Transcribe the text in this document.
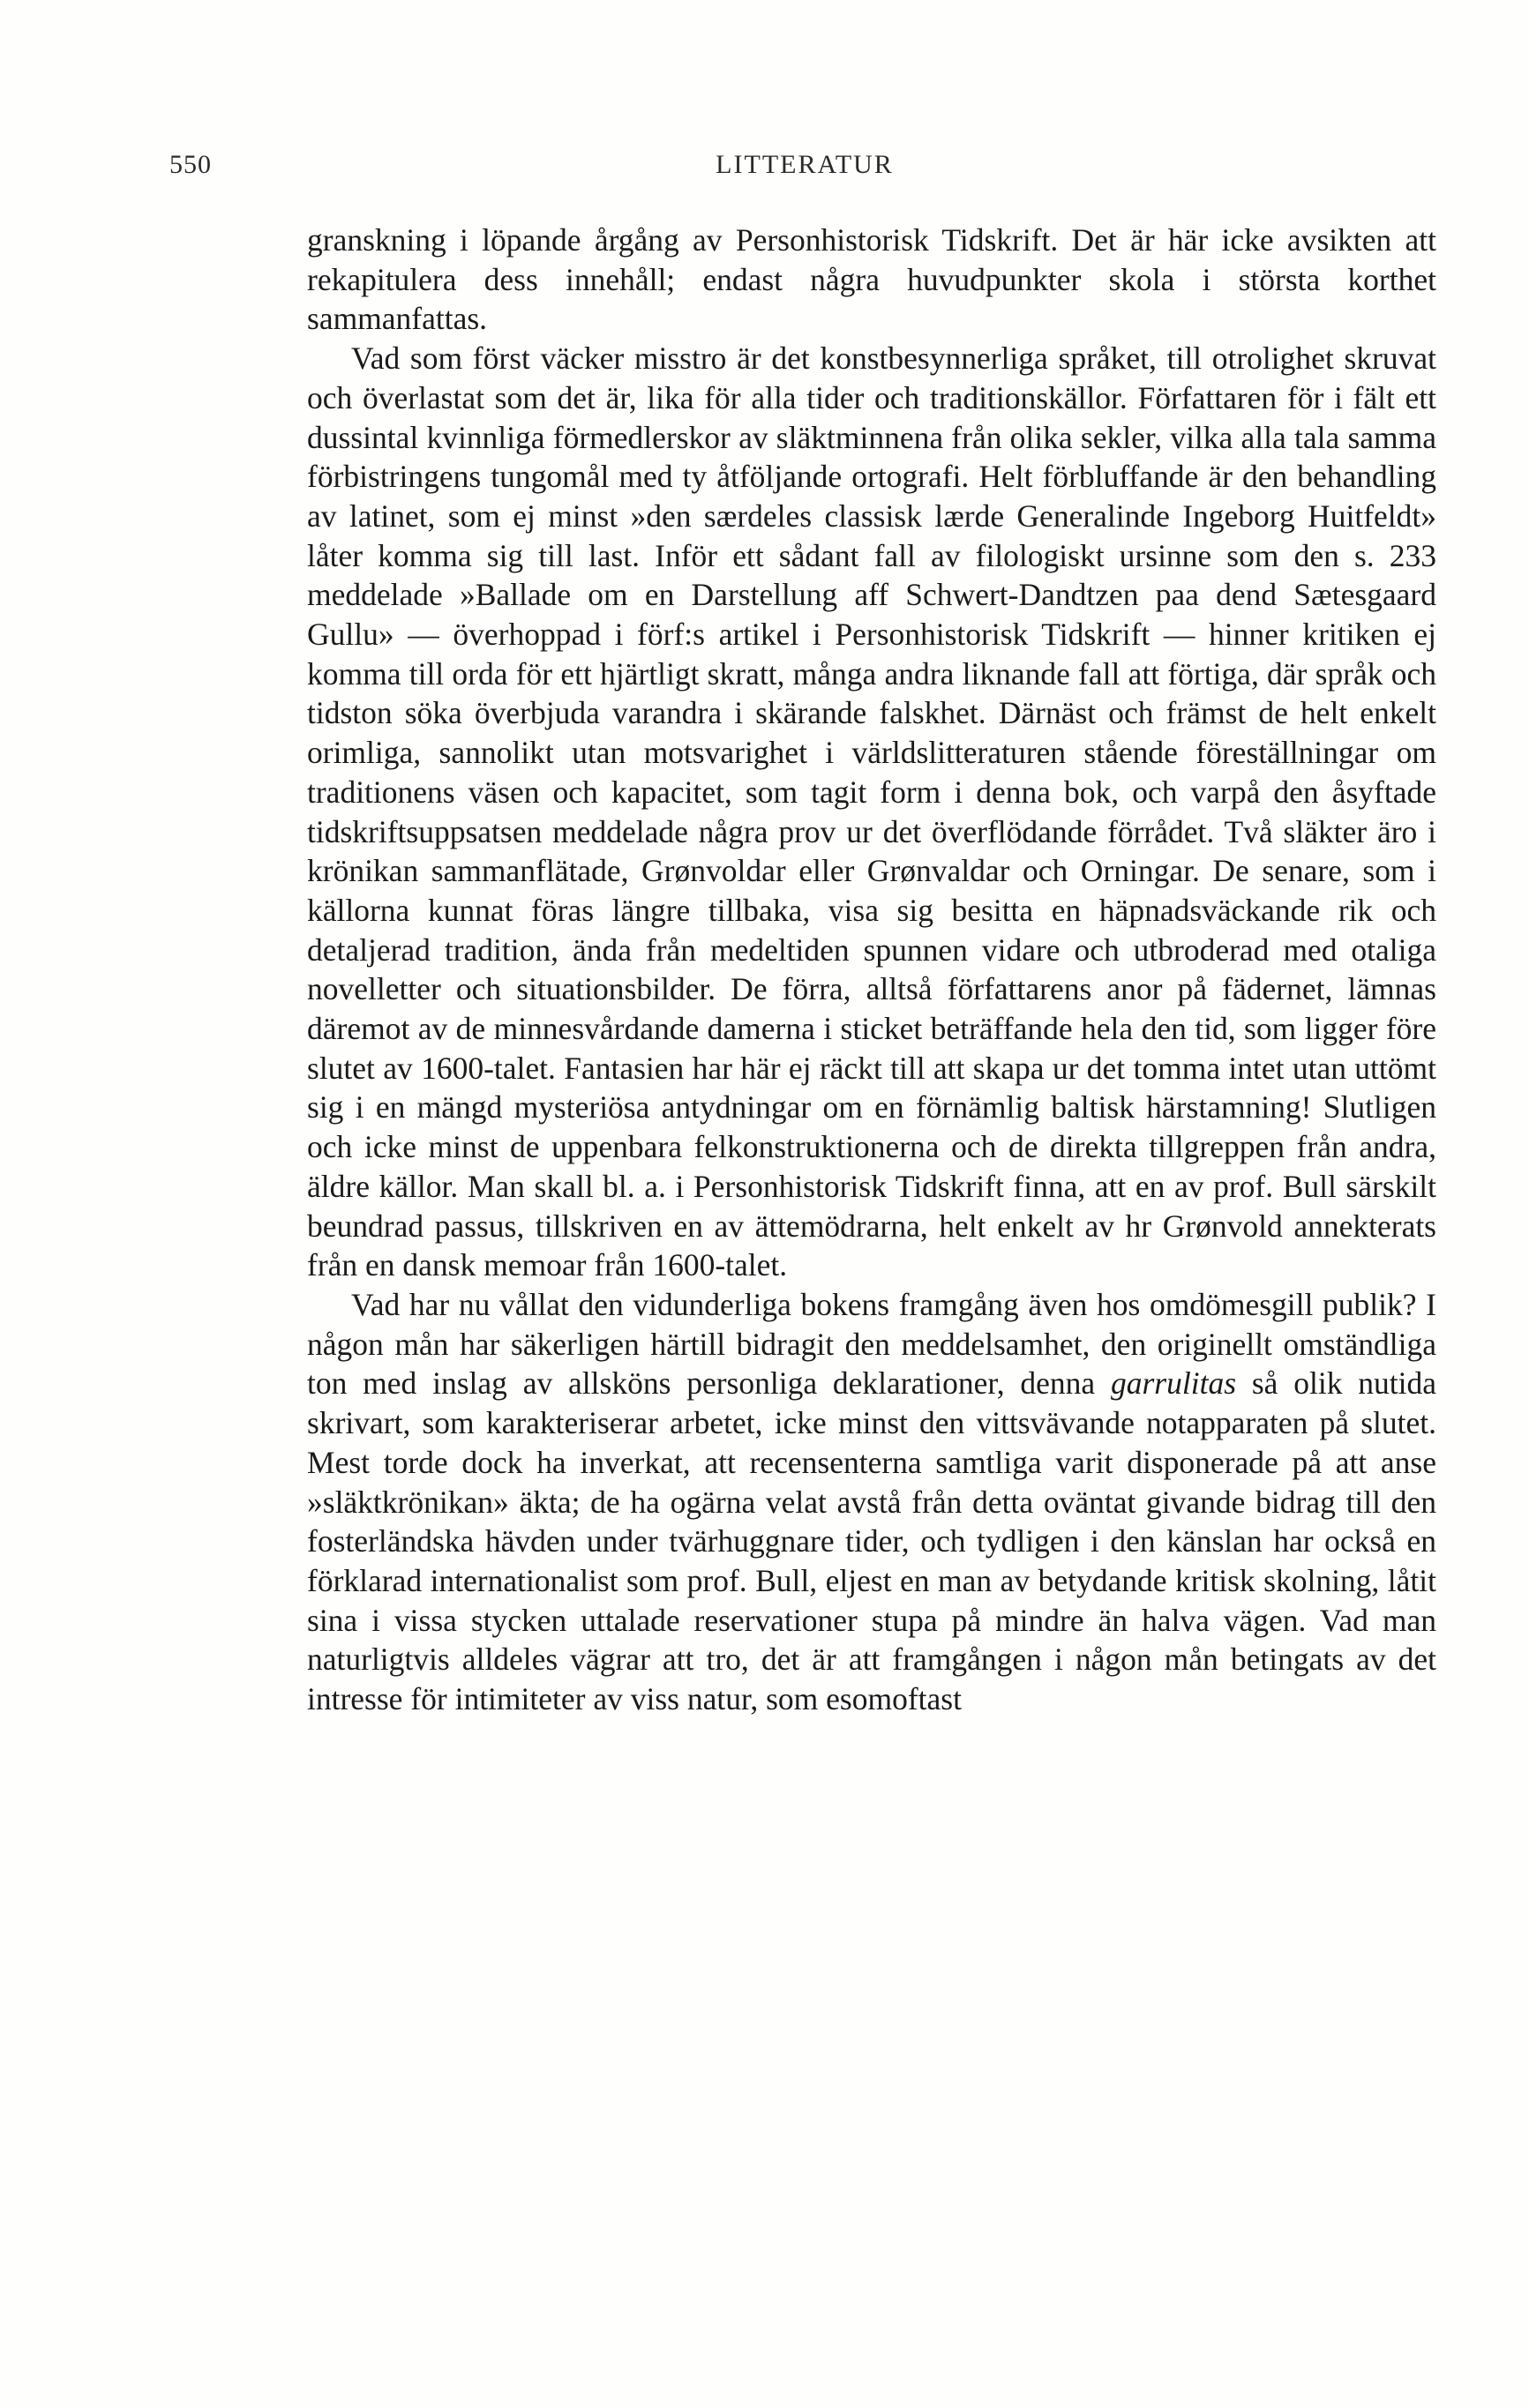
550	LITTERATUR

granskning i löpande årgång av Personhistorisk Tidskrift. Det är här icke avsikten att rekapitulera dess innehåll; endast några huvudpunkter skola i största korthet sammanfattas.

Vad som först väcker misstro är det konstbesynnerliga språket, till otrolighet skruvat och överlastat som det är, lika för alla tider och traditionskällor. Författaren för i fält ett dussintal kvinnliga förmedlerskor av släktminnena från olika sekler, vilka alla tala samma förbistringens tungomål med ty åtföljande ortografi. Helt förbluffande är den behandling av latinet, som ej minst »den særdeles classisk lærde Generalinde Ingeborg Huitfeldt» låter komma sig till last. Inför ett sådant fall av filologiskt ursinne som den s. 233 meddelade »Ballade om en Darstellung aff Schwert-Dandtzen paa dend Sætesgaard Gullu» — överhoppad i förf:s artikel i Personhistorisk Tidskrift — hinner kritiken ej komma till orda för ett hjärtligt skratt, många andra liknande fall att förtiga, där språk och tidston söka överbjuda varandra i skärande falskhet. Därnäst och främst de helt enkelt orimliga, sannolikt utan motsvarighet i världslitteraturen stående föreställningar om traditionens väsen och kapacitet, som tagit form i denna bok, och varpå den åsyftade tidskriftsuppsatsen meddelade några prov ur det överflödande förrådet. Två släkter äro i krönikan sammanflätade, Grønvoldar eller Grønvaldar och Orningar. De senare, som i källorna kunnat föras längre tillbaka, visa sig besitta en häpnadsväckande rik och detaljerad tradition, ända från medeltiden spunnen vidare och utbroderad med otaliga novelletter och situationsbilder. De förra, alltså författarens anor på fädernet, lämnas däremot av de minnesvårdande damerna i sticket beträffande hela den tid, som ligger före slutet av 1600-talet. Fantasien har här ej räckt till att skapa ur det tomma intet utan uttömt sig i en mängd mysteriösa antydningar om en förnämlig baltisk härstamning! Slutligen och icke minst de uppenbara felkonstruktionerna och de direkta tillgreppen från andra, äldre källor. Man skall bl. a. i Personhistorisk Tidskrift finna, att en av prof. Bull särskilt beundrad passus, tillskriven en av ättemödrarna, helt enkelt av hr Grønvold annekterats från en dansk memoar från 1600-talet.

Vad har nu vållat den vidunderliga bokens framgång även hos omdömesgill publik? I någon mån har säkerligen härtill bidragit den meddelsamhet, den originellt omständliga ton med inslag av allsköns personliga deklarationer, denna garrulitas så olik nutida skrivart, som karakteriserar arbetet, icke minst den vittsvävande notapparaten på slutet. Mest torde dock ha inverkat, att recensenterna samtliga varit disponerade på att anse »släktkrönikan» äkta; de ha ogärna velat avstå från detta oväntat givande bidrag till den fosterländska hävden under tvärhuggnare tider, och tydligen i den känslan har också en förklarad internationalist som prof. Bull, eljest en man av betydande kritisk skolning, låtit sina i vissa stycken uttalade reservationer stupa på mindre än halva vägen. Vad man naturligtvis alldeles vägrar att tro, det är att framgången i någon mån betingats av det intresse för intimiteter av viss natur, som esomoftast
